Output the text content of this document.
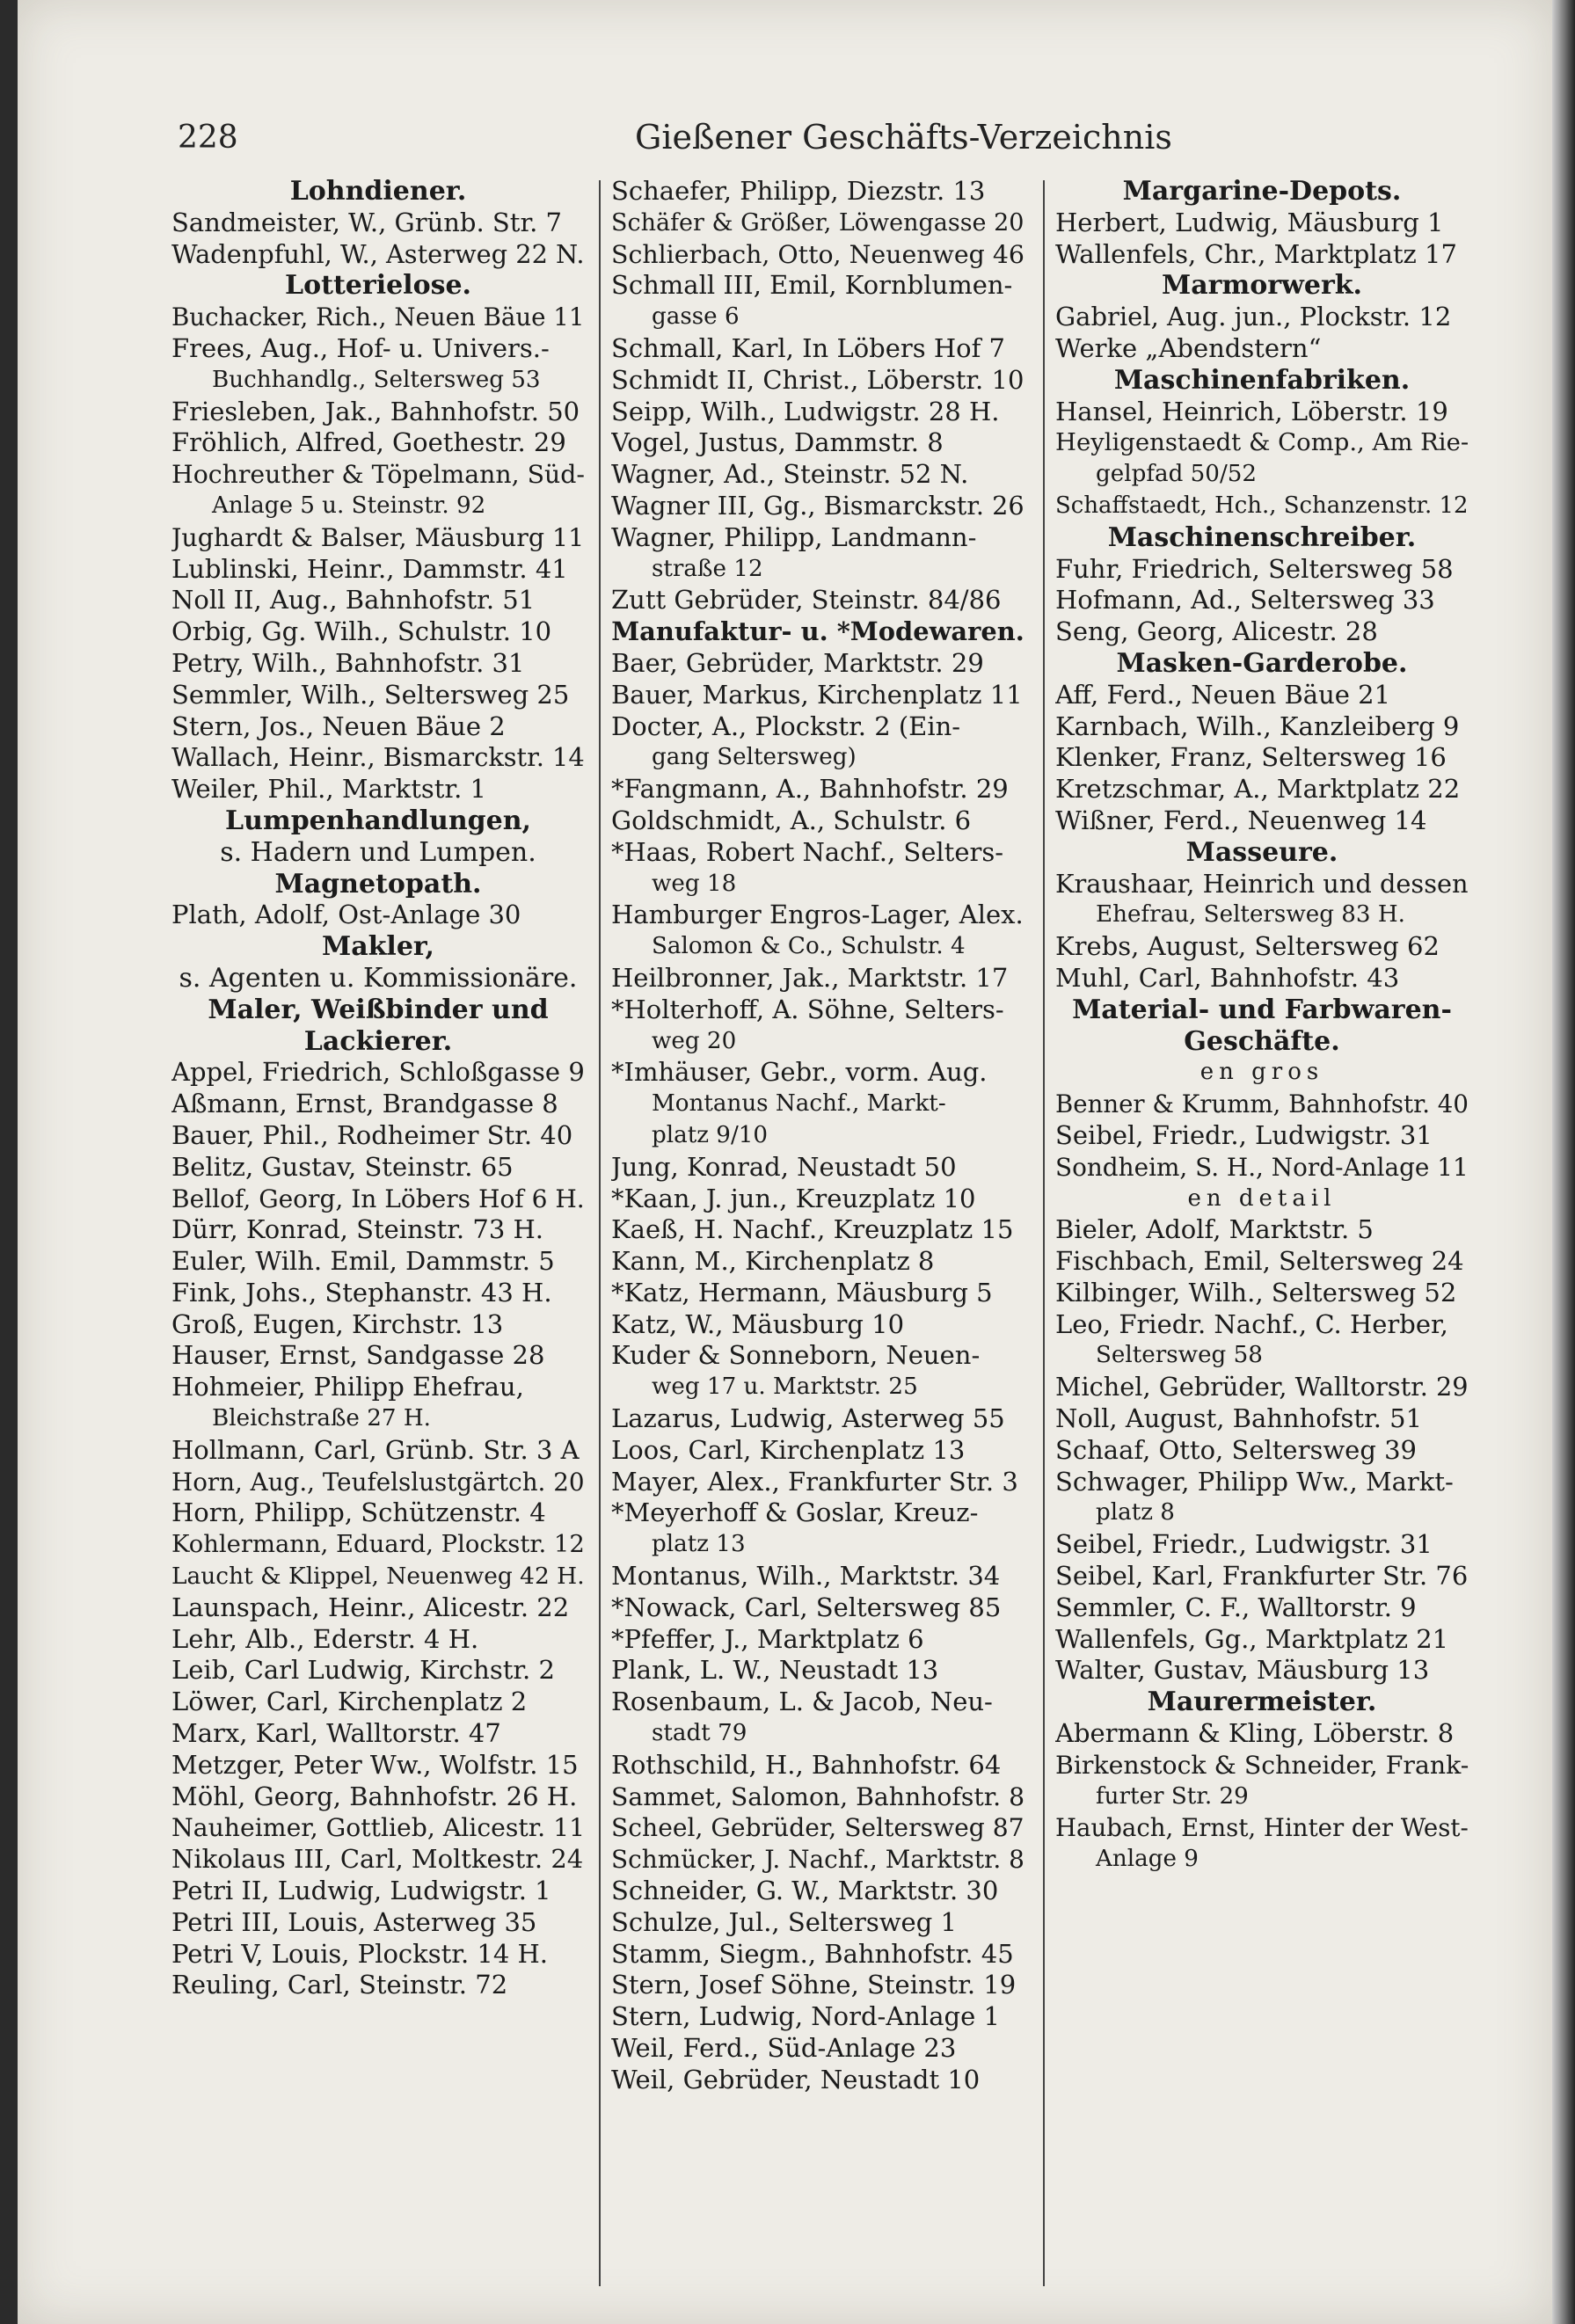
228	Gießener Geschäfts-Verzeichnis
Lohndiener.
Sandmeister, W., Grünb. Str. 7
Wadenpfuhl, W., Asterweg 22 N.
Lotterielose.
Buchacker, Rich., Neuen Bäue 11
Frees, Aug., Hof- u. Univers.-
Buchhandlg., Seltersweg 53
Friesleben, Jak., Bahnhofstr. 50
Fröhlich, Alfred, Goethestr. 29
Hochreuther & Töpelmann, Süd-
Anlage 5 u. Steinstr. 92
Jughardt & Balser, Mäusburg 11
Lublinski, Heinr., Dammstr. 41
Noll II, Aug., Bahnhofstr. 51
Orbig, Gg. Wilh., Schulstr. 10
Petry, Wilh., Bahnhofstr. 31
Semmler, Wilh., Seltersweg 25
Stern, Jos., Neuen Bäue 2
Wallach, Heinr., Bismarckstr. 14
Weiler, Phil., Marktstr. 1
Lumpenhandlungen,
s. Hadern und Lumpen.
Magnetopath.
Plath, Adolf, Ost-Anlage 30
Makler,
s. Agenten u. Kommissionäre.
Maler, Weißbinder und
Lackierer.
Appel, Friedrich, Schloßgasse 9
Aßmann, Ernst, Brandgasse 8
Bauer, Phil., Rodheimer Str. 40
Belitz, Gustav, Steinstr. 65
Bellof, Georg, In Löbers Hof 6 H.
Dürr, Konrad, Steinstr. 73 H.
Euler, Wilh. Emil, Dammstr. 5
Fink, Johs., Stephanstr. 43 H.
Groß, Eugen, Kirchstr. 13
Hauser, Ernst, Sandgasse 28
Hohmeier, Philipp Ehefrau,
Bleichstraße 27 H.
Hollmann, Carl, Grünb. Str. 3 A
Horn, Aug., Teufelslustgärtch. 20
Horn, Philipp, Schützenstr. 4
Kohlermann, Eduard, Plockstr. 12
Laucht & Klippel, Neuenweg 42 H.
Launspach, Heinr., Alicestr. 22
Lehr, Alb., Ederstr. 4 H.
Leib, Carl Ludwig, Kirchstr. 2
Löwer, Carl, Kirchenplatz 2
Marx, Karl, Walltorstr. 47
Metzger, Peter Ww., Wolfstr. 15
Möhl, Georg, Bahnhofstr. 26 H.
Nauheimer, Gottlieb, Alicestr. 11
Nikolaus III, Carl, Moltkestr. 24
Petri II, Ludwig, Ludwigstr. 1
Petri III, Louis, Asterweg 35
Petri V, Louis, Plockstr. 14 H.
Reuling, Carl, Steinstr. 72
Schaefer, Philipp, Diezstr. 13
Schäfer & Größer, Löwengasse 20
Schlierbach, Otto, Neuenweg 46
Schmall III, Emil, Kornblumen-
gasse 6
Schmall, Karl, In Löbers Hof 7
Schmidt II, Christ., Löberstr. 10
Seipp, Wilh., Ludwigstr. 28 H.
Vogel, Justus, Dammstr. 8
Wagner, Ad., Steinstr. 52 N.
Wagner III, Gg., Bismarckstr. 26
Wagner, Philipp, Landmann-
straße 12
Zutt Gebrüder, Steinstr. 84/86
Manufaktur- u. *Modewaren.
Baer, Gebrüder, Marktstr. 29
Bauer, Markus, Kirchenplatz 11
Docter, A., Plockstr. 2 (Ein-
gang Seltersweg)
*Fangmann, A., Bahnhofstr. 29
Goldschmidt, A., Schulstr. 6
*Haas, Robert Nachf., Selters-
weg 18
Hamburger Engros-Lager, Alex.
Salomon & Co., Schulstr. 4
Heilbronner, Jak., Marktstr. 17
*Holterhoff, A. Söhne, Selters-
weg 20
*Imhäuser, Gebr., vorm. Aug.
Montanus Nachf., Markt-
platz 9/10
Jung, Konrad, Neustadt 50
*Kaan, J. jun., Kreuzplatz 10
Kaeß, H. Nachf., Kreuzplatz 15
Kann, M., Kirchenplatz 8
*Katz, Hermann, Mäusburg 5
Katz, W., Mäusburg 10
Kuder & Sonneborn, Neuen-
weg 17 u. Marktstr. 25
Lazarus, Ludwig, Asterweg 55
Loos, Carl, Kirchenplatz 13
Mayer, Alex., Frankfurter Str. 3
*Meyerhoff & Goslar, Kreuz-
platz 13
Montanus, Wilh., Marktstr. 34
*Nowack, Carl, Seltersweg 85
*Pfeffer, J., Marktplatz 6
Plank, L. W., Neustadt 13
Rosenbaum, L. & Jacob, Neu-
stadt 79
Rothschild, H., Bahnhofstr. 64
Sammet, Salomon, Bahnhofstr. 8
Scheel, Gebrüder, Seltersweg 87
Schmücker, J. Nachf., Marktstr. 8
Schneider, G. W., Marktstr. 30
Schulze, Jul., Seltersweg 1
Stamm, Siegm., Bahnhofstr. 45
Stern, Josef Söhne, Steinstr. 19
Stern, Ludwig, Nord-Anlage 1
Weil, Ferd., Süd-Anlage 23
Weil, Gebrüder, Neustadt 10
Margarine-Depots.
Herbert, Ludwig, Mäusburg 1
Wallenfels, Chr., Marktplatz 17
Marmorwerk.
Gabriel, Aug. jun., Plockstr. 12
Werke „Abendstern“
Maschinenfabriken.
Hansel, Heinrich, Löberstr. 19
Heyligenstaedt & Comp., Am Rie-
gelpfad 50/52
Schaffstaedt, Hch., Schanzenstr. 12
Maschinenschreiber.
Fuhr, Friedrich, Seltersweg 58
Hofmann, Ad., Seltersweg 33
Seng, Georg, Alicestr. 28
Masken-Garderobe.
Aff, Ferd., Neuen Bäue 21
Karnbach, Wilh., Kanzleiberg 9
Klenker, Franz, Seltersweg 16
Kretzschmar, A., Marktplatz 22
Wißner, Ferd., Neuenweg 14
Masseure.
Kraushaar, Heinrich und dessen
Ehefrau, Seltersweg 83 H.
Krebs, August, Seltersweg 62
Muhl, Carl, Bahnhofstr. 43
Material- und Farbwaren-
Geschäfte.
en gros
Benner & Krumm, Bahnhofstr. 40
Seibel, Friedr., Ludwigstr. 31
Sondheim, S. H., Nord-Anlage 11
en detail
Bieler, Adolf, Marktstr. 5
Fischbach, Emil, Seltersweg 24
Kilbinger, Wilh., Seltersweg 52
Leo, Friedr. Nachf., C. Herber,
Seltersweg 58
Michel, Gebrüder, Walltorstr. 29
Noll, August, Bahnhofstr. 51
Schaaf, Otto, Seltersweg 39
Schwager, Philipp Ww., Markt-
platz 8
Seibel, Friedr., Ludwigstr. 31
Seibel, Karl, Frankfurter Str. 76
Semmler, C. F., Walltorstr. 9
Wallenfels, Gg., Marktplatz 21
Walter, Gustav, Mäusburg 13
Maurermeister.
Abermann & Kling, Löberstr. 8
Birkenstock & Schneider, Frank-
furter Str. 29
Haubach, Ernst, Hinter der West-
Anlage 9
